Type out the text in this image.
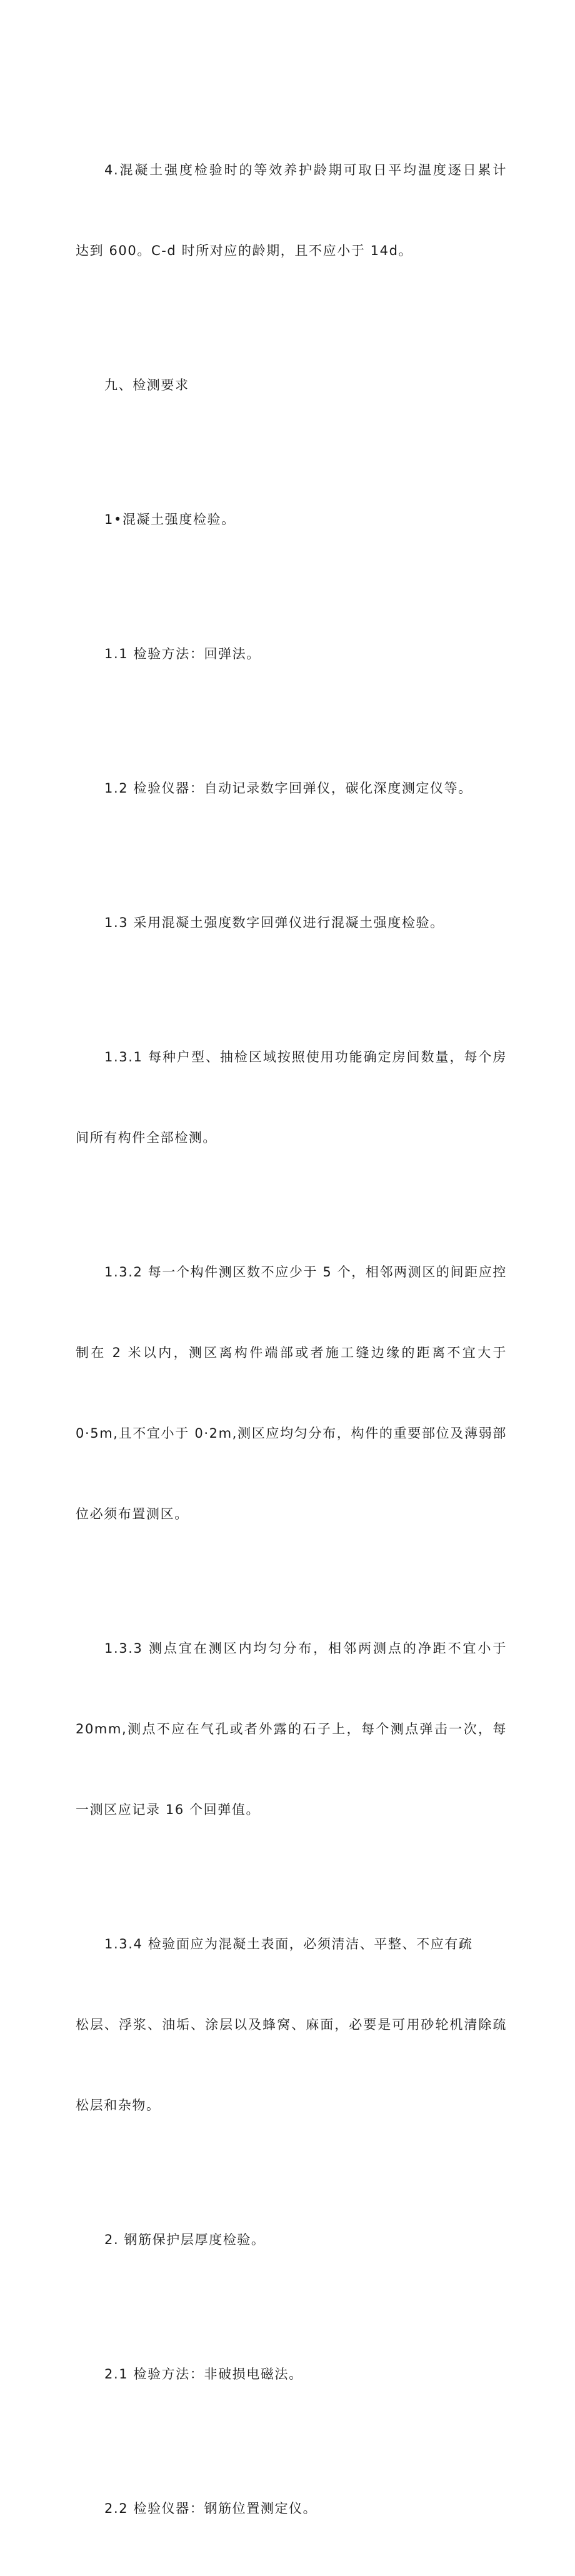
4.混凝土强度检验时的等效养护龄期可取日平均温度逐日累计

达到 600。C-d 时所对应的龄期，且不应小于 14d。

九、检测要求

1•混凝土强度检验。

1.1 检验方法：回弹法。

1.2 检验仪器：自动记录数字回弹仪，碳化深度测定仪等。

1.3 采用混凝土强度数字回弹仪进行混凝土强度检验。

1.3.1 每种户型、抽检区域按照使用功能确定房间数量，每个房

间所有构件全部检测。

1.3.2 每一个构件测区数不应少于 5 个，相邻两测区的间距应控

制在 2 米以内，测区离构件端部或者施工缝边缘的距离不宜大于

0·5m,且不宜小于 0·2m,测区应均匀分布，构件的重要部位及薄弱部

位必须布置测区。

1.3.3 测点宜在测区内均匀分布，相邻两测点的净距不宜小于

20mm,测点不应在气孔或者外露的石子上，每个测点弹击一次，每

一测区应记录 16 个回弹值。

1.3.4 检验面应为混凝土表面，必须清洁、平整、不应有疏

松层、浮浆、油垢、涂层以及蜂窝、麻面，必要是可用砂轮机清除疏

松层和杂物。

2. 钢筋保护层厚度检验。

2.1 检验方法：非破损电磁法。

2.2 检验仪器：钢筋位置测定仪。
